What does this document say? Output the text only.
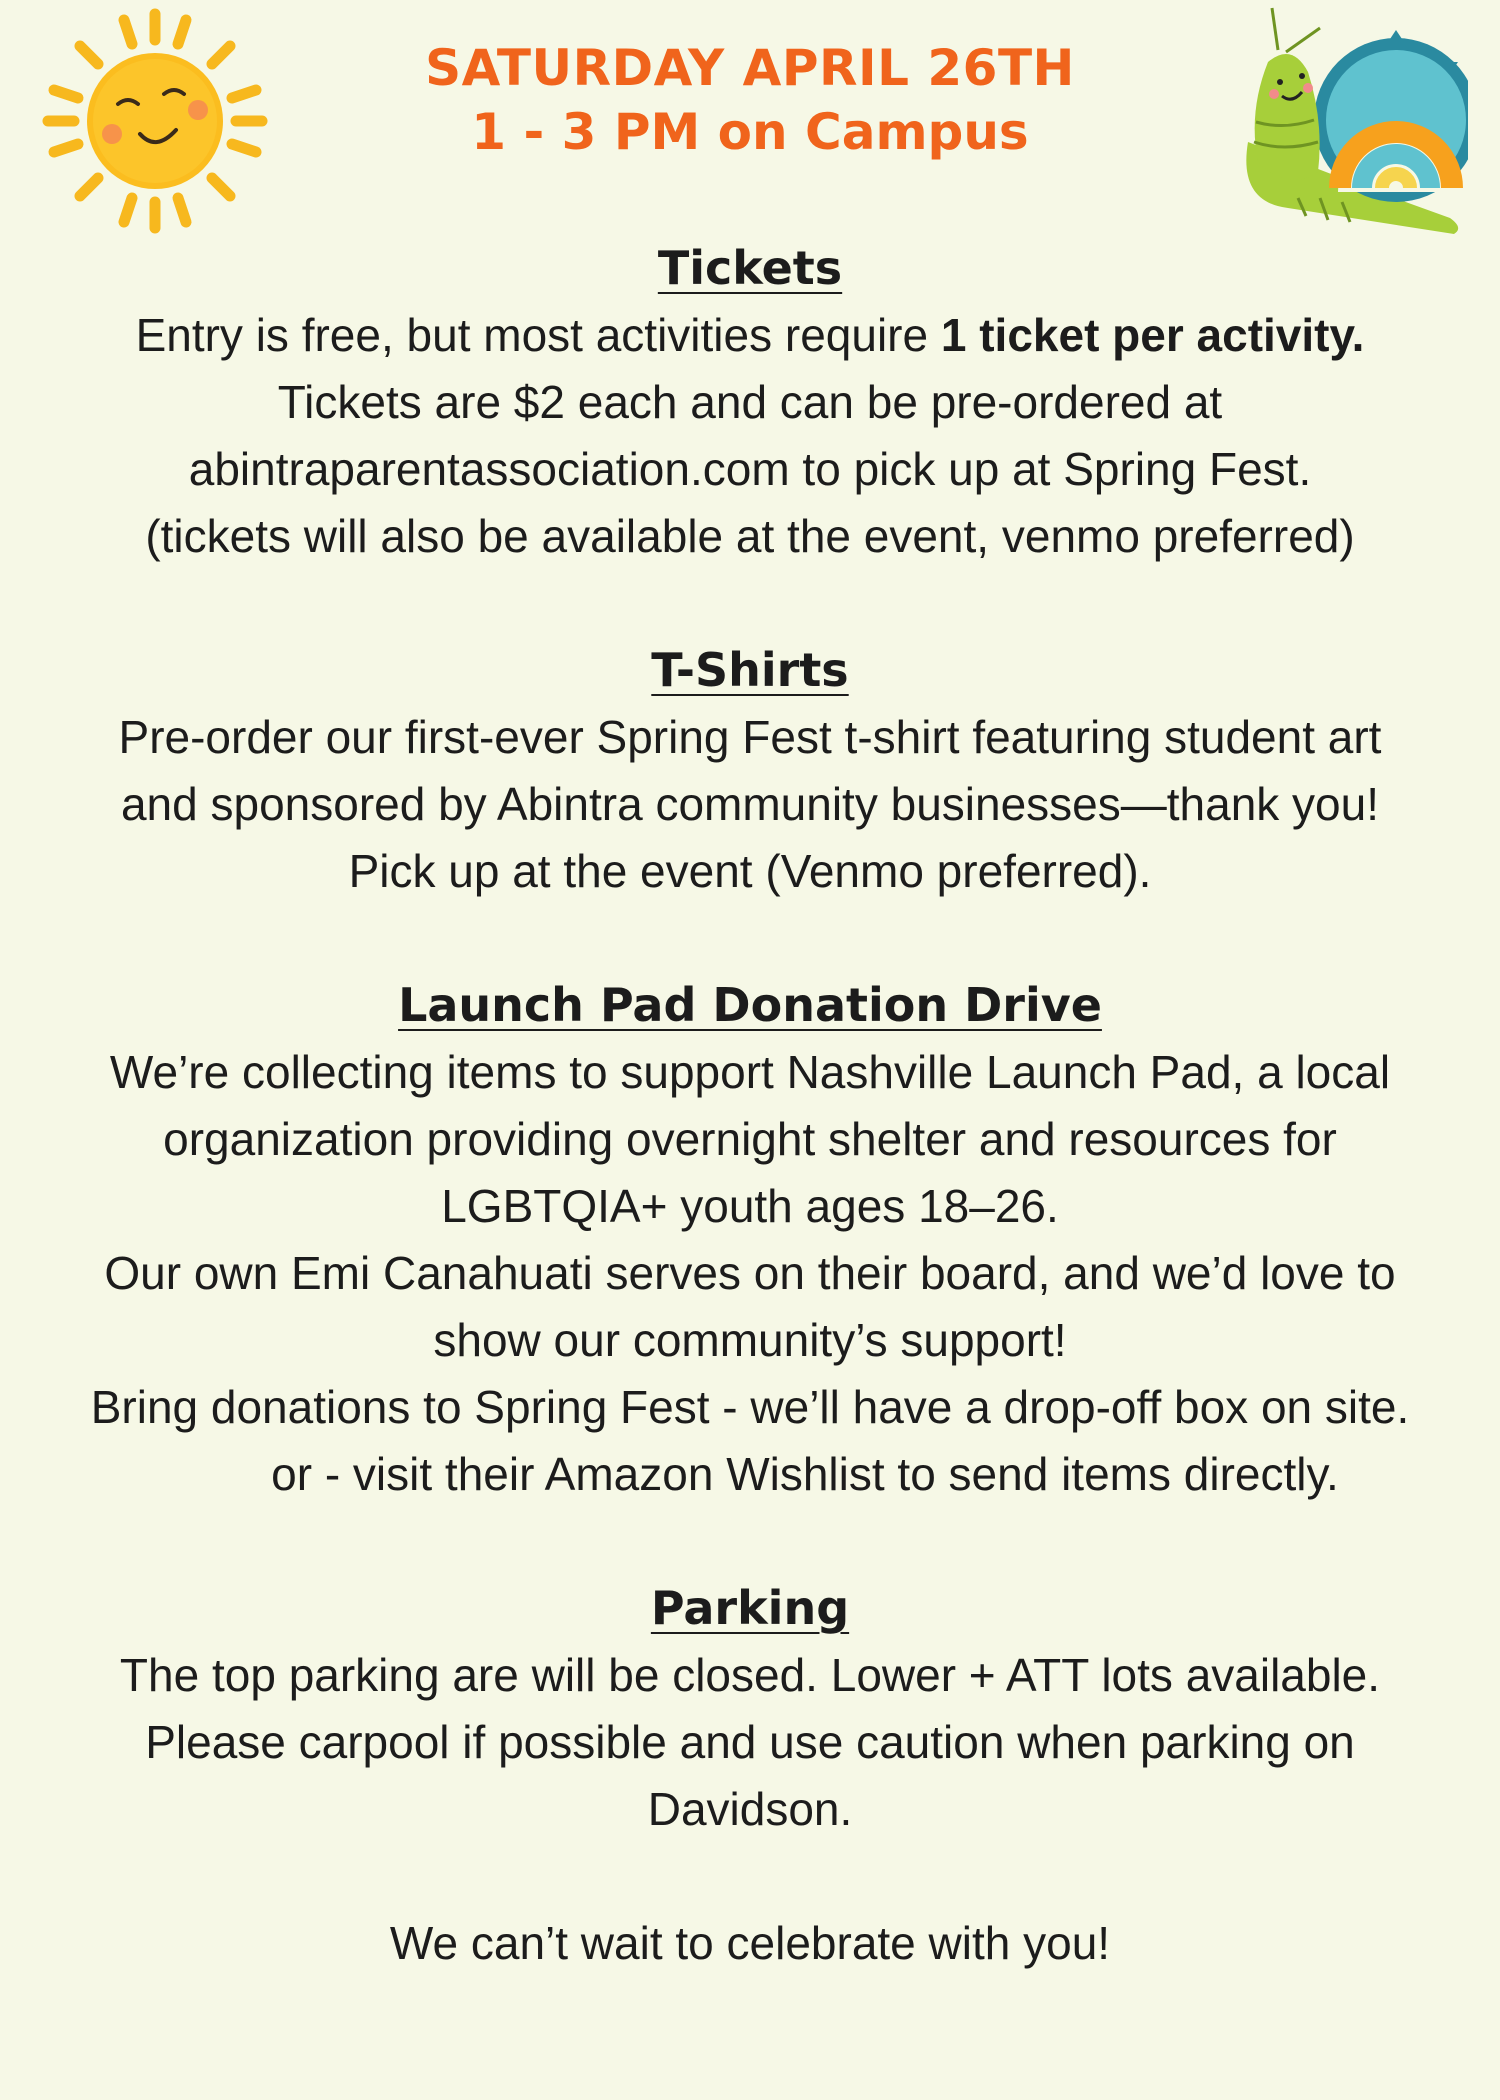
SATURDAY APRIL 26TH
1 - 3 PM on Campus

Tickets

Entry is free, but most activities require 1 ticket per activity.

Tickets are $2 each and can be pre-ordered at

abintraparentassociation.com to pick up at Spring Fest.

(tickets will also be available at the event, venmo preferred)

T-Shirts

Pre-order our first-ever Spring Fest t-shirt featuring student art

and sponsored by Abintra community businesses—thank you!

Pick up at the event (Venmo preferred).

Launch Pad Donation Drive

We’re collecting items to support Nashville Launch Pad, a local

organization providing overnight shelter and resources for

LGBTQIA+ youth ages 18–26.

Our own Emi Canahuati serves on their board, and we’d love to

show our community’s support!

Bring donations to Spring Fest - we’ll have a drop-off box on site.

or - visit their Amazon Wishlist to send items directly.

Parking

The top parking are will be closed. Lower + ATT lots available.

Please carpool if possible and use caution when parking on

Davidson.

We can’t wait to celebrate with you!
